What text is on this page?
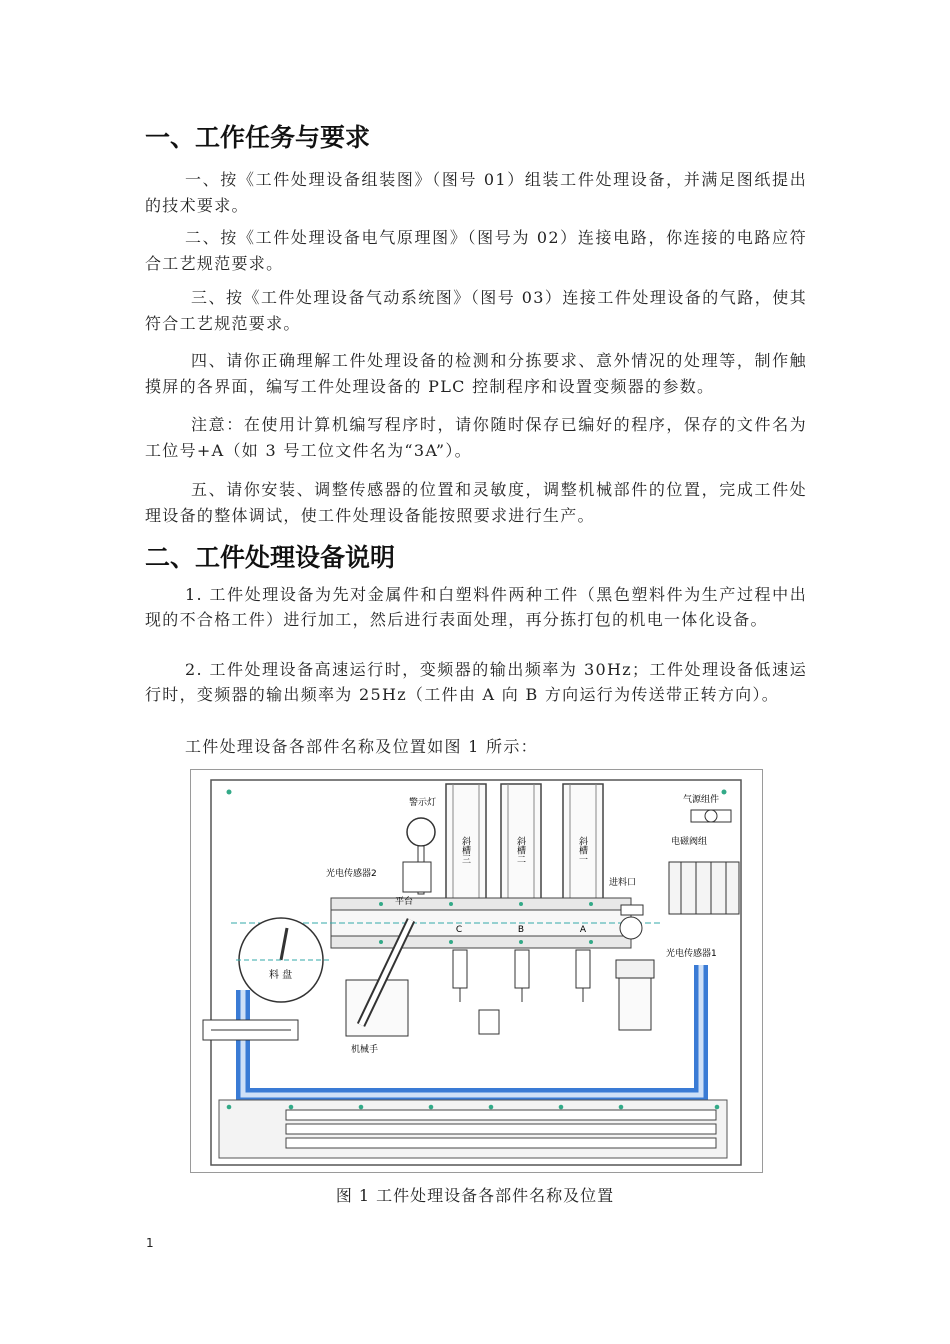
一、工作任务与要求

一、按《工件处理设备组装图》（图号 01）组装工件处理设备，并满足图纸提出的技术要求。

二、按《工件处理设备电气原理图》（图号为 02）连接电路，你连接的电路应符合工艺规范要求。

三、按《工件处理设备气动系统图》（图号 03）连接工件处理设备的气路，使其符合工艺规范要求。

四、请你正确理解工件处理设备的检测和分拣要求、意外情况的处理等，制作触摸屏的各界面，编写工件处理设备的 PLC 控制程序和设置变频器的参数。

注意：在使用计算机编写程序时，请你随时保存已编好的程序，保存的文件名为工位号+A（如 3 号工位文件名为“3A”）。

五、请你安装、调整传感器的位置和灵敏度，调整机械部件的位置，完成工件处理设备的整体调试，使工件处理设备能按照要求进行生产。

二、工件处理设备说明

1. 工件处理设备为先对金属件和白塑料件两种工件（黑色塑料件为生产过程中出现的不合格工件）进行加工，然后进行表面处理，再分拣打包的机电一体化设备。

2. 工件处理设备高速运行时，变频器的输出频率为 30Hz；工件处理设备低速运行时，变频器的输出频率为 25Hz（工件由 A 向 B 方向运行为传送带正转方向）。

工件处理设备各部件名称及位置如图 1 所示：

斜槽三	斜槽二	斜槽一
C	B	A
进料口
光电传感器1
气源组件
电磁阀组
警示灯
光电传感器2
平台
料 盘
机械手
图 1 工件处理设备各部件名称及位置
1
